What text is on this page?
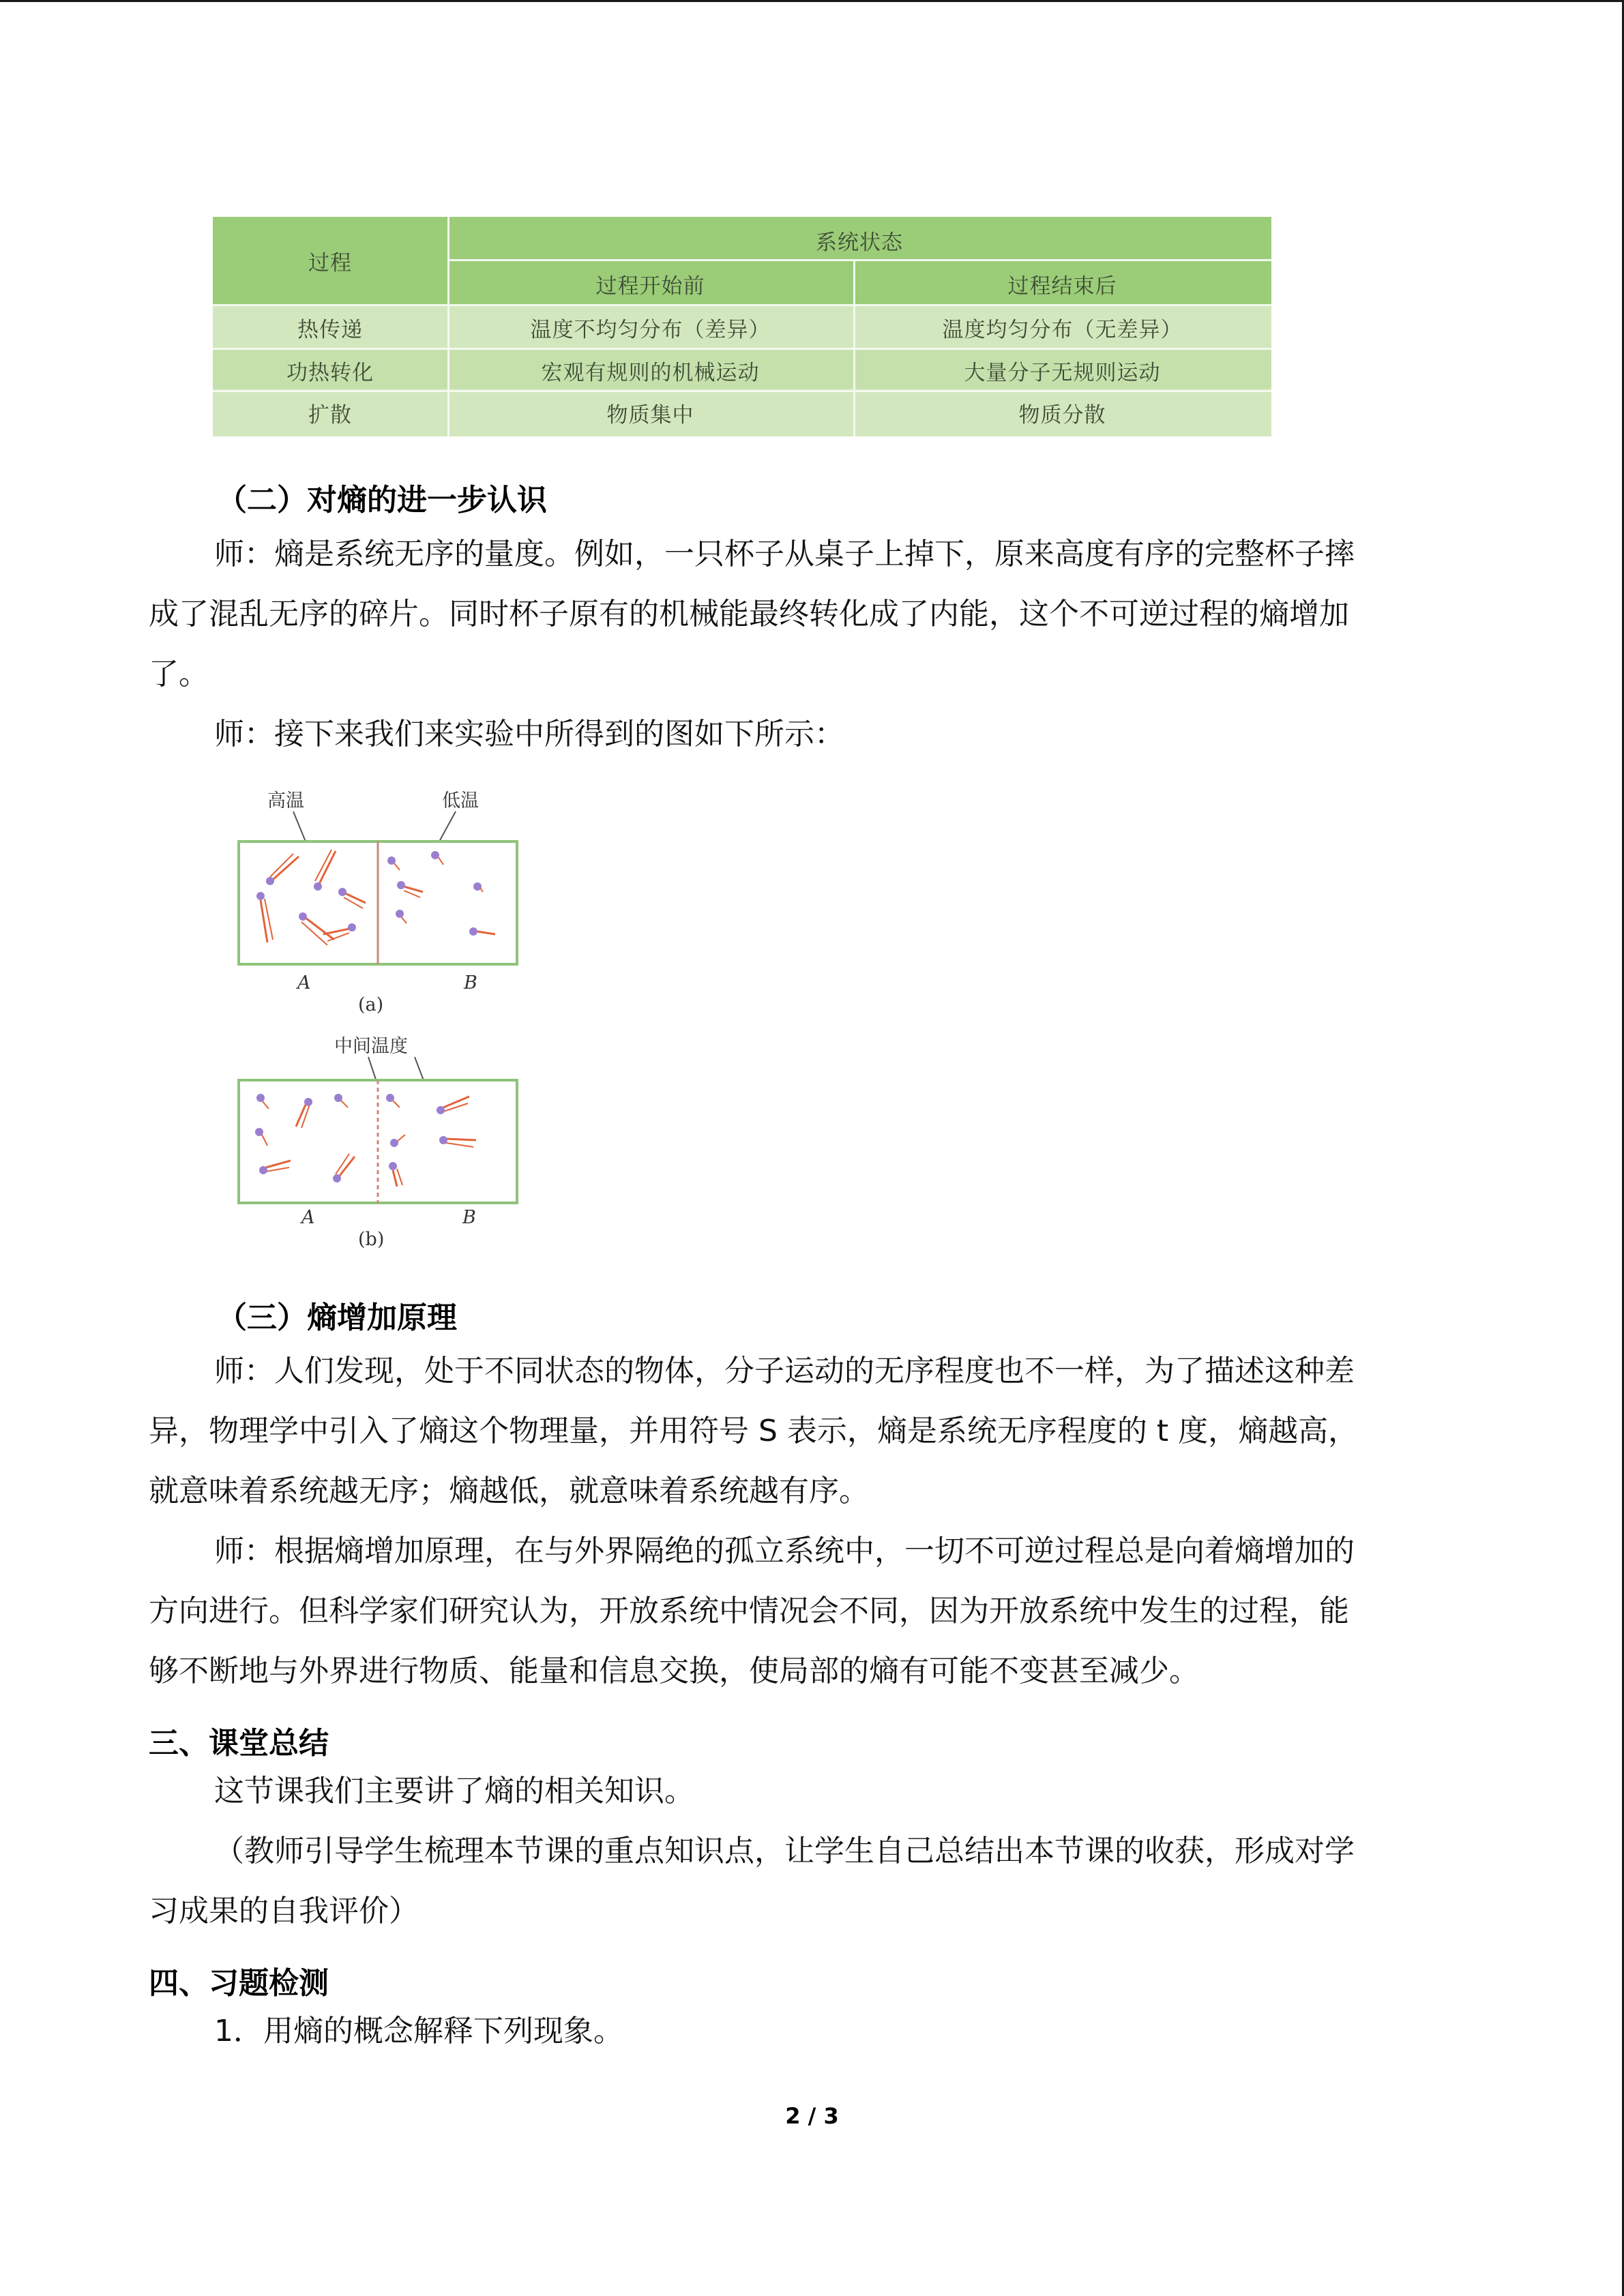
过程
系统状态
过程开始前	过程结束后
热传递	温度不均匀分布（差异）	温度均匀分布（无差异）
功热转化	宏观有规则的机械运动	大量分子无规则运动
扩散	物质集中	物质分散
（二）对熵的进一步认识
师：熵是系统无序的量度。例如，一只杯子从桌子上掉下，原来高度有序的完整杯子摔
成了混乱无序的碎片。同时杯子原有的机械能最终转化成了内能，这个不可逆过程的熵增加
了。
师：接下来我们来实验中所得到的图如下所示：
高温	低温
A	B
(a)
中间温度
A	B
(b)
（三）熵增加原理
师：人们发现，处于不同状态的物体，分子运动的无序程度也不一样，为了描述这种差
异，物理学中引入了熵这个物理量，并用符号 S 表示，熵是系统无序程度的 t 度，熵越高，
就意味着系统越无序；熵越低，就意味着系统越有序。
师：根据熵增加原理，在与外界隔绝的孤立系统中，一切不可逆过程总是向着熵增加的
方向进行。但科学家们研究认为，开放系统中情况会不同，因为开放系统中发生的过程，能
够不断地与外界进行物质、能量和信息交换，使局部的熵有可能不变甚至减少。
三、课堂总结
这节课我们主要讲了熵的相关知识。
（教师引导学生梳理本节课的重点知识点，让学生自己总结出本节课的收获，形成对学
习成果的自我评价）
四、习题检测
1．用熵的概念解释下列现象。
2 / 3
